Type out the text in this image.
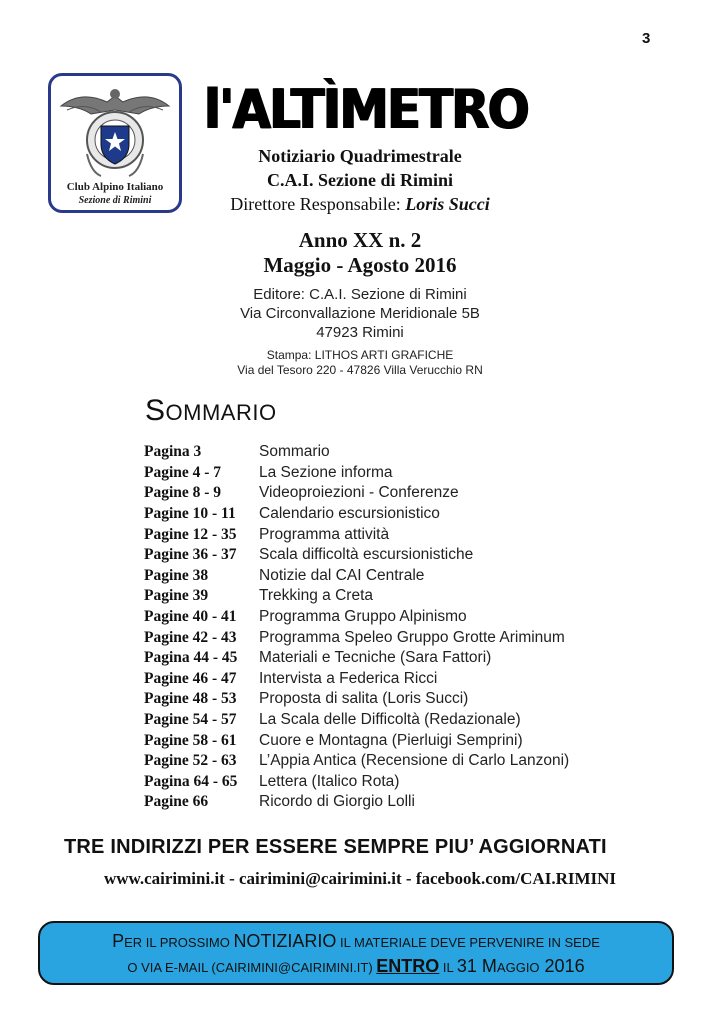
3
Club Alpino Italiano
Sezione di Rimini
l'ALTÌMETRO
Notiziario Quadrimestrale
C.A.I. Sezione di Rimini
Direttore Responsabile: Loris Succi
Anno XX n. 2
Maggio - Agosto 2016
Editore: C.A.I. Sezione di Rimini
Via Circonvallazione Meridionale 5B
47923 Rimini
Stampa: LITHOS ARTI GRAFICHE
Via del Tesoro 220 - 47826 Villa Verucchio RN
SOMMARIO
Pagina 3	Sommario
Pagine 4 - 7	La Sezione informa
Pagine 8 - 9	Videoproiezioni - Conferenze
Pagine 10 - 11	Calendario escursionistico
Pagine 12 - 35	Programma attività
Pagine 36 - 37	Scala difficoltà escursionistiche
Pagine 38	Notizie dal CAI Centrale
Pagine 39	Trekking a Creta
Pagine 40 - 41	Programma Gruppo Alpinismo
Pagine 42 - 43	Programma Speleo Gruppo Grotte Ariminum
Pagina 44 - 45	Materiali e Tecniche (Sara Fattori)
Pagine 46 - 47	Intervista a Federica Ricci
Pagine 48 - 53	Proposta di salita (Loris Succi)
Pagine 54 - 57	La Scala delle Difficoltà (Redazionale)
Pagine 58 - 61	Cuore e Montagna (Pierluigi Semprini)
Pagine 52 - 63	L’Appia Antica (Recensione di Carlo Lanzoni)
Pagina 64 - 65	Lettera (Italico Rota)
Pagine 66	Ricordo di Giorgio Lolli
TRE INDIRIZZI PER ESSERE SEMPRE PIU’ AGGIORNATI
www.cairimini.it - cairimini@cairimini.it - facebook.com/CAI.RIMINI
PER IL PROSSIMO NOTIZIARIO IL MATERIALE DEVE PERVENIRE IN SEDE
O VIA E-MAIL (CAIRIMINI@CAIRIMINI.IT) ENTRO IL 31 MAGGIO 2016
